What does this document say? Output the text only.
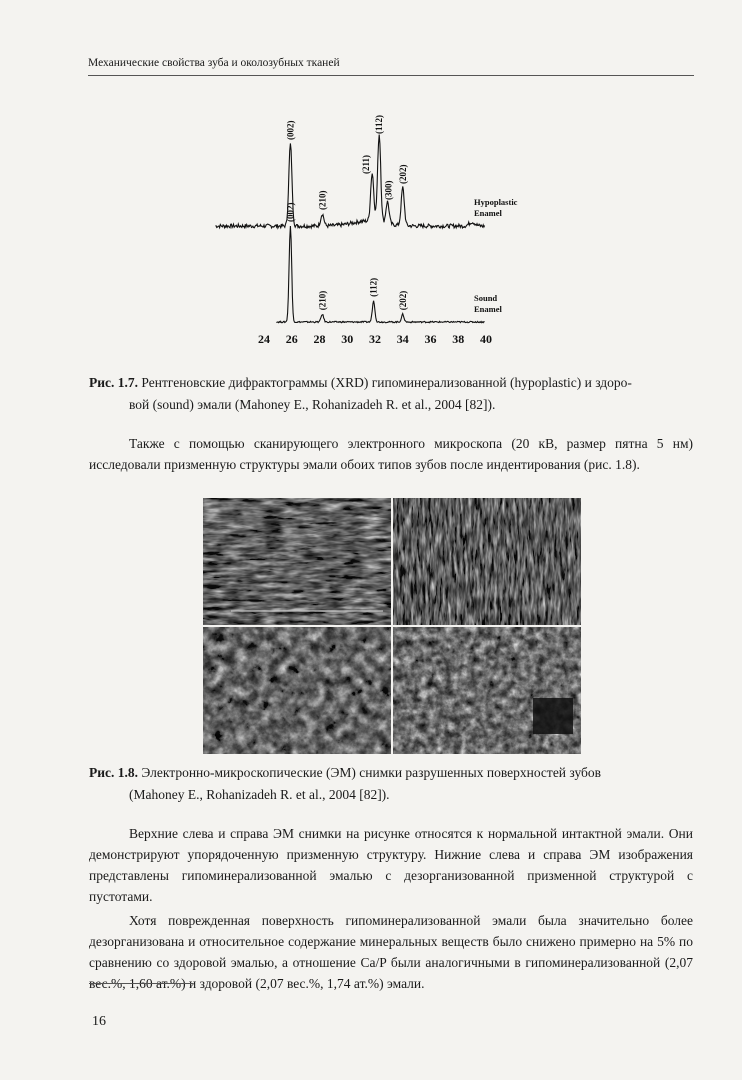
Механические свойства зуба и околозубных тканей
(002)
(210)
(211)
(112)
(300)
(202)
Hypoplastic
Enamel
(002)
(210)
(112)
(202)	Sound
Enamel
24 26 28 30 32 34 36 38 40
Рис. 1.7. Рентгеновские дифрактограммы (XRD) гипоминерализованной (hypoplastic) и здоро-
вой (sound) эмали (Mahoney E., Rohanizadeh R. et al., 2004 [82]).
Также с помощью сканирующего электронного микроскопа (20 кВ, размер пятна 5 нм) исследовали призменную структуры эмали обоих типов зубов после индентирования (рис. 1.8).
Рис. 1.8. Электронно-микроскопические (ЭМ) снимки разрушенных поверхностей зубов
(Mahoney E., Rohanizadeh R. et al., 2004 [82]).
Верхние слева и справа ЭМ снимки на рисунке относятся к нормальной интактной эмали. Они демонстрируют упорядоченную призменную структуру. Нижние слева и справа ЭМ изображения представлены гипоминерализованной эмалью с дезорганизованной призменной структурой с пустотами.
Хотя поврежденная поверхность гипоминерализованной эмали была значительно более дезорганизована и относительное содержание минеральных веществ было снижено примерно на 5% по сравнению со здоровой эмалью, а отношение Ca/P были аналогичными в гипоминерализованной (2,07 вес.%, 1,60 ат.%) и здоровой (2,07 вес.%, 1,74 ат.%) эмали.
16
